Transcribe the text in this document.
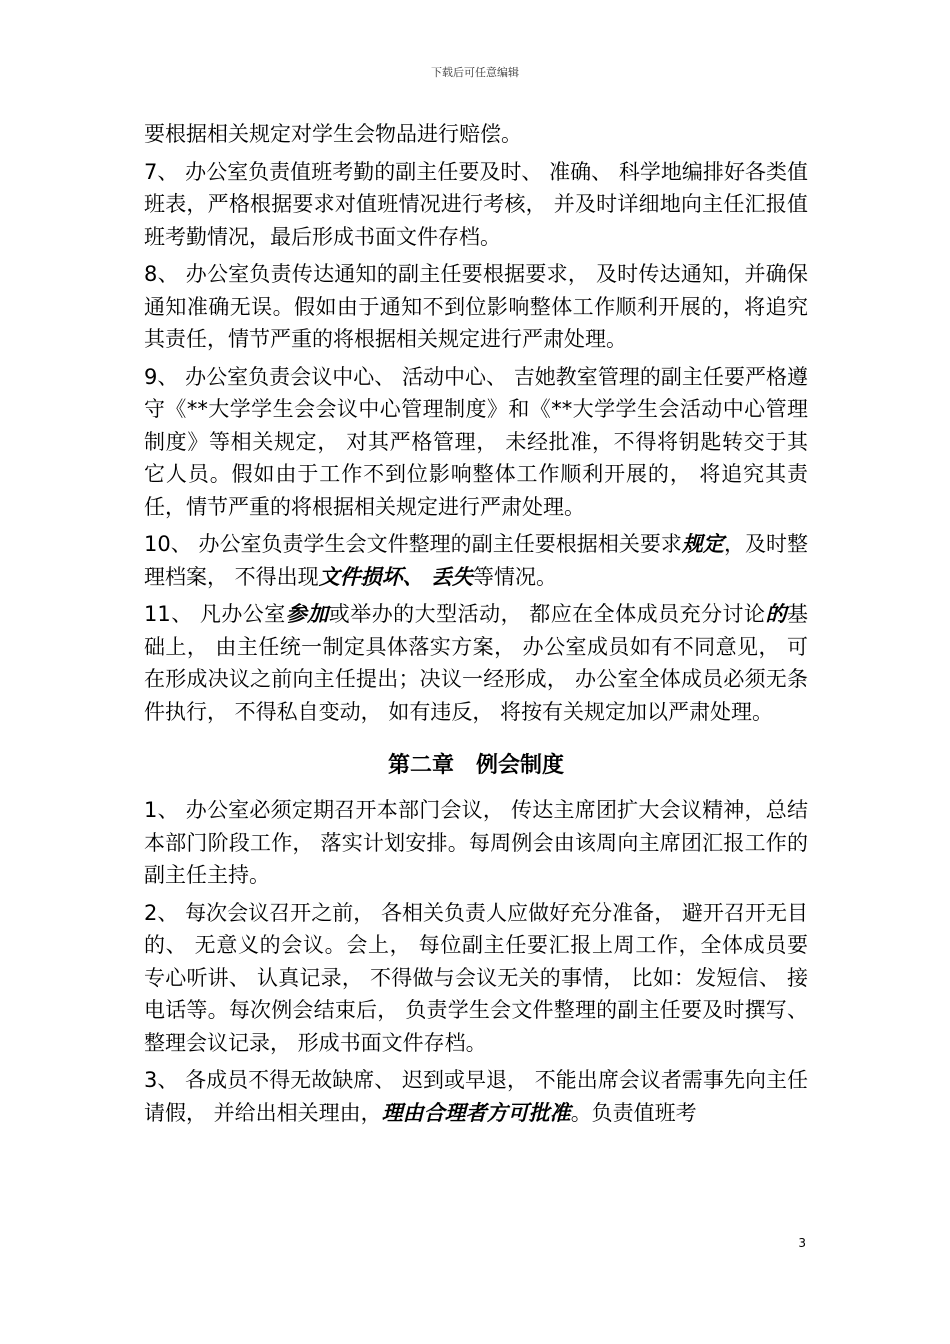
下载后可任意编辑
要根据相关规定对学生会物品进行赔偿。
7、 办公室负责值班考勤的副主任要及时、 准确、 科学地编排好各类值班表，严格根据要求对值班情况进行考核， 并及时详细地向主任汇报值班考勤情况，最后形成书面文件存档。
8、 办公室负责传达通知的副主任要根据要求， 及时传达通知，并确保通知准确无误。假如由于通知不到位影响整体工作顺利开展的，将追究其责任，情节严重的将根据相关规定进行严肃处理。
9、 办公室负责会议中心、 活动中心、 吉她教室管理的副主任要严格遵守《**大学学生会会议中心管理制度》和《**大学学生会活动中心管理制度》等相关规定， 对其严格管理， 未经批准，不得将钥匙转交于其它人员。假如由于工作不到位影响整体工作顺利开展的， 将追究其责任，情节严重的将根据相关规定进行严肃处理。
10、 办公室负责学生会文件整理的副主任要根据相关要求规定，及时整理档案， 不得出现文件损坏、 丢失等情况。
11、 凡办公室参加或举办的大型活动， 都应在全体成员充分讨论的基础上， 由主任统一制定具体落实方案， 办公室成员如有不同意见， 可在形成决议之前向主任提出；决议一经形成， 办公室全体成员必须无条件执行， 不得私自变动， 如有违反， 将按有关规定加以严肃处理。
第二章　例会制度
1、 办公室必须定期召开本部门会议， 传达主席团扩大会议精神，总结本部门阶段工作， 落实计划安排。每周例会由该周向主席团汇报工作的副主任主持。
2、 每次会议召开之前， 各相关负责人应做好充分准备， 避开召开无目的、 无意义的会议。会上， 每位副主任要汇报上周工作，全体成员要专心听讲、 认真记录， 不得做与会议无关的事情， 比如：发短信、 接电话等。每次例会结束后， 负责学生会文件整理的副主任要及时撰写、 整理会议记录， 形成书面文件存档。
3、 各成员不得无故缺席、 迟到或早退， 不能出席会议者需事先向主任请假， 并给出相关理由，理由合理者方可批准。负责值班考
3
